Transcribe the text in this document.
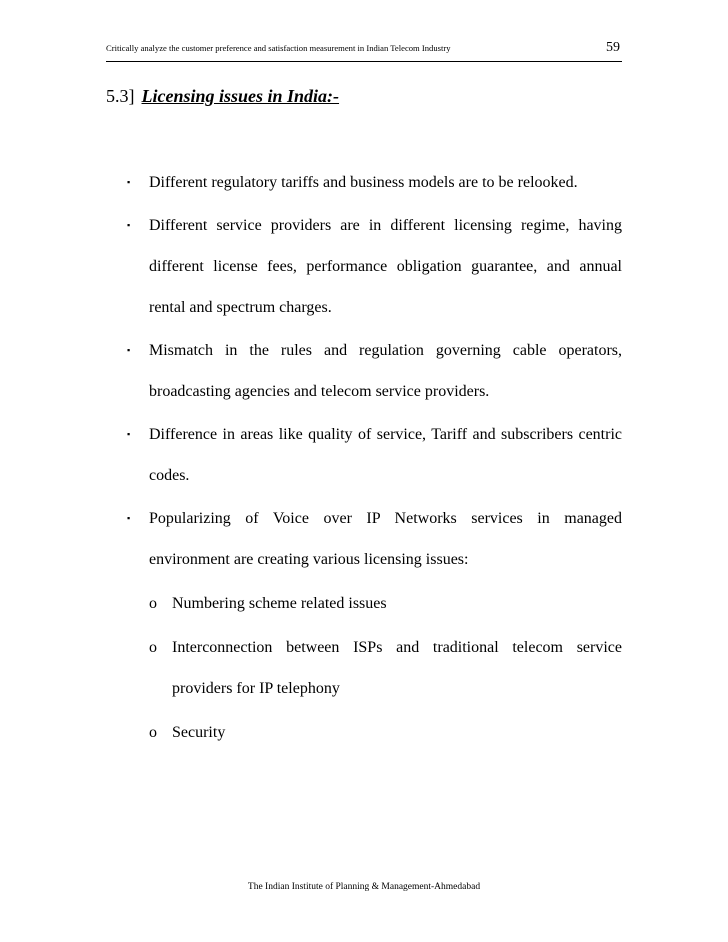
Critically analyze the customer preference and satisfaction measurement in Indian Telecom Industry	59
5.3] Licensing issues in India:-
▪ Different regulatory tariffs and business models are to be relooked.
▪ Different service providers are in different licensing regime, having different license fees, performance obligation guarantee, and annual rental and spectrum charges.
▪ Mismatch in the rules and regulation governing cable operators, broadcasting agencies and telecom service providers.
▪ Difference in areas like quality of service, Tariff and subscribers centric codes.
▪ Popularizing of Voice over IP Networks services in managed environment are creating various licensing issues:
o Numbering scheme related issues
o Interconnection between ISPs and traditional telecom service providers for IP telephony
o Security
The Indian Institute of Planning & Management-Ahmedabad
